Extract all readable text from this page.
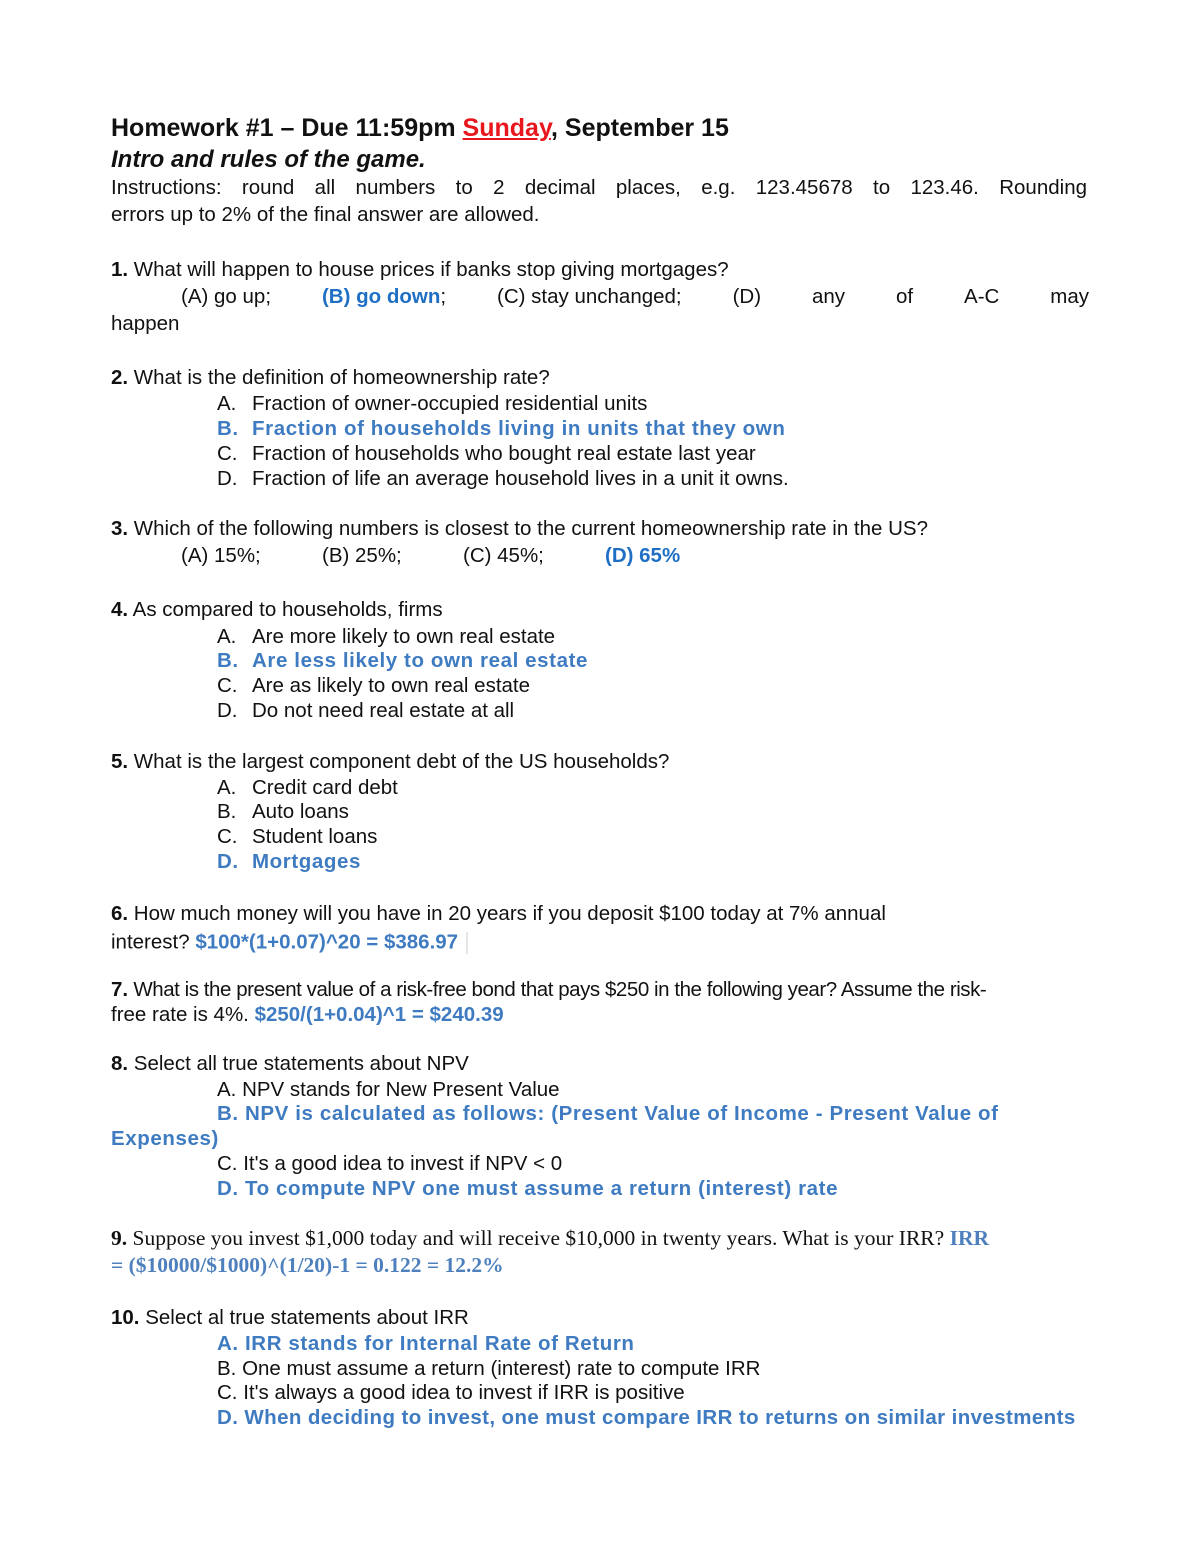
Homework #1 – Due 11:59pm Sunday, September 15
Intro and rules of the game.
Instructions: round all numbers to 2 decimal places, e.g. 123.45678 to 123.46. Rounding
errors up to 2% of the final answer are allowed.
1. What will happen to house prices if banks stop giving mortgages?
(A) go up; (B) go down; (C) stay unchanged; (D) any of A-C may
happen
2. What is the definition of homeownership rate?
A. Fraction of owner-occupied residential units
B. Fraction of households living in units that they own
C. Fraction of households who bought real estate last year
D. Fraction of life an average household lives in a unit it owns.
3. Which of the following numbers is closest to the current homeownership rate in the US?
(A) 15%;	(B) 25%;	(C) 45%;	(D) 65%
4. As compared to households, firms
A. Are more likely to own real estate
B. Are less likely to own real estate
C. Are as likely to own real estate
D. Do not need real estate at all
5. What is the largest component debt of the US households?
A. Credit card debt
B. Auto loans
C. Student loans
D. Mortgages
6. How much money will you have in 20 years if you deposit $100 today at 7% annual
interest? $100*(1+0.07)^20 = $386.97
7. What is the present value of a risk-free bond that pays $250 in the following year? Assume the risk-
free rate is 4%. $250/(1+0.04)^1 = $240.39
8. Select all true statements about NPV
A. NPV stands for New Present Value
B. NPV is calculated as follows: (Present Value of Income - Present Value of
Expenses)
C. It's a good idea to invest if NPV < 0
D. To compute NPV one must assume a return (interest) rate
9. Suppose you invest $1,000 today and will receive $10,000 in twenty years. What is your IRR? IRR
= ($10000/$1000)^(1/20)-1 = 0.122 = 12.2%
10. Select al true statements about IRR
A. IRR stands for Internal Rate of Return
B. One must assume a return (interest) rate to compute IRR
C. It's always a good idea to invest if IRR is positive
D. When deciding to invest, one must compare IRR to returns on similar investments
